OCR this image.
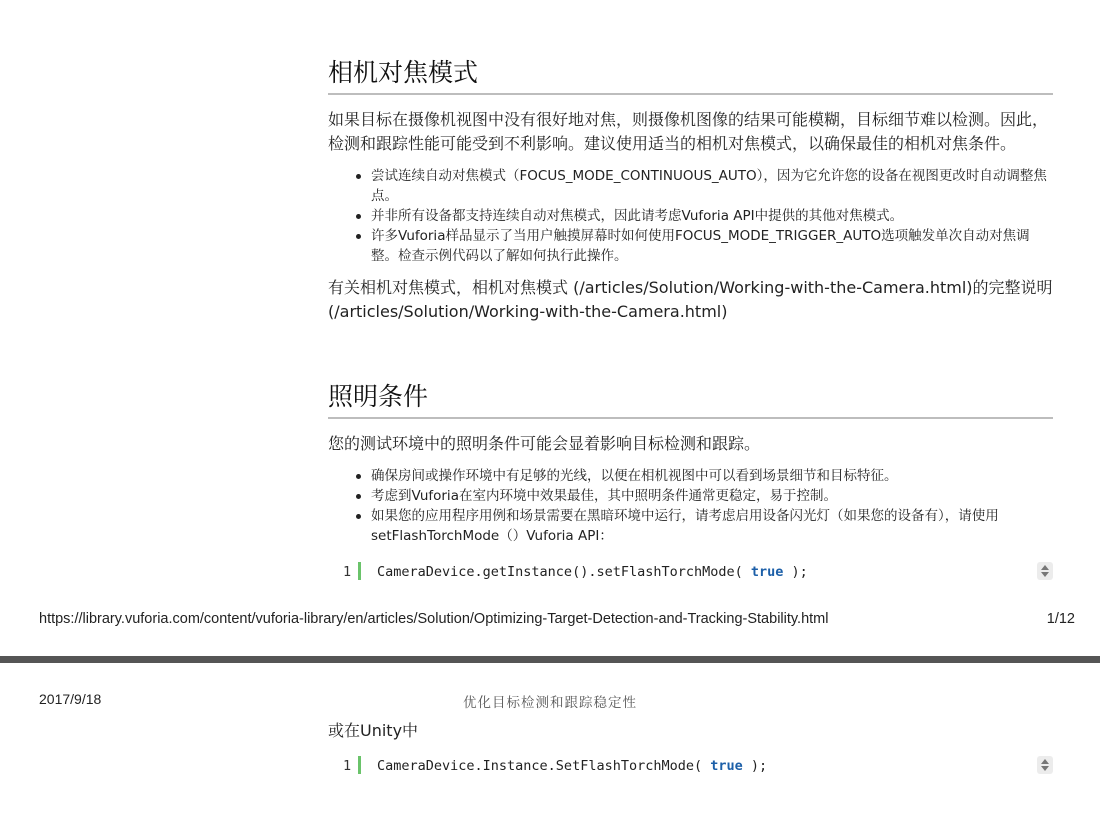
相机对焦模式

如果目标在摄像机视图中没有很好地对焦，则摄像机图像的结果可能模糊，目标细节难以检测。因此，检测和跟踪性能可能受到不利影响。建议使用适当的相机对焦模式，以确保最佳的相机对焦条件。

尝试连续自动对焦模式（FOCUS_MODE_CONTINUOUS_AUTO），因为它允许您的设备在视图更改时自动调整焦点。
并非所有设备都支持连续自动对焦模式，因此请考虑Vuforia API中提供的其他对焦模式。
许多Vuforia样品显示了当用户触摸屏幕时如何使用FOCUS_MODE_TRIGGER_AUTO选项触发单次自动对焦调整。检查示例代码以了解如何执行此操作。

有关相机对焦模式，相机对焦模式 (/articles/Solution/Working-with-the-Camera.html)的完整说明 (/articles/Solution/Working-with-the-Camera.html)

照明条件

您的测试环境中的照明条件可能会显着影响目标检测和跟踪。

确保房间或操作环境中有足够的光线，以便在相机视图中可以看到场景细节和目标特征。
考虑到Vuforia在室内环境中效果最佳，其中照明条件通常更稳定，易于控制。
如果您的应用程序用例和场景需要在黑暗环境中运行，请考虑启用设备闪光灯（如果您的设备有），请使用setFlashTorchMode（）Vuforia API：
1 CameraDevice.getInstance().setFlashTorchMode( true );
https://library.vuforia.com/content/vuforia-library/en/articles/Solution/Optimizing-Target-Detection-and-Tracking-Stability.html	1/12
2017/9/18	优化目标检测和跟踪稳定性

或在Unity中

1 CameraDevice.Instance.SetFlashTorchMode( true );
